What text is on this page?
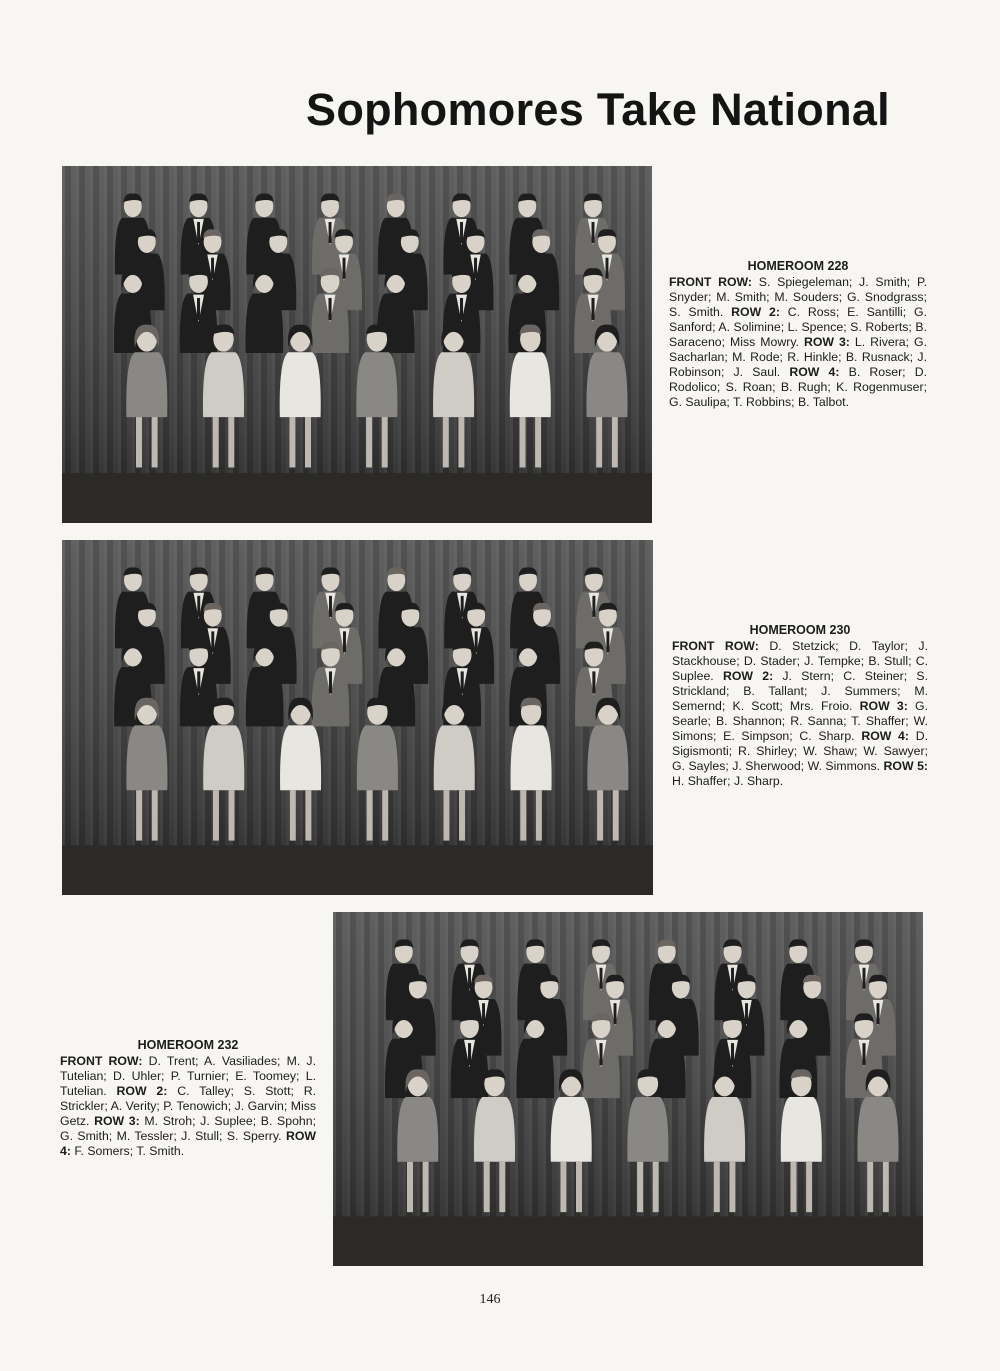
Sophomores Take National
HOMEROOM 228

FRONT ROW: S. Spiegeleman; J. Smith; P. Snyder; M. Smith; M. Souders; G. Snodgrass; S. Smith. ROW 2: C. Ross; E. Santilli; G. Sanford; A. Solimine; L. Spence; S. Roberts; B. Saraceno; Miss Mowry. ROW 3: L. Rivera; G. Sacharlan; M. Rode; R. Hinkle; B. Rusnack; J. Robinson; J. Saul. ROW 4: B. Roser; D. Rodolico; S. Roan; B. Rugh; K. Rogenmuser; G. Saulipa; T. Robbins; B. Talbot.

HOMEROOM 230

FRONT ROW: D. Stetzick; D. Taylor; J. Stackhouse; D. Stader; J. Tempke; B. Stull; C. Suplee. ROW 2: J. Stern; C. Steiner; S. Strickland; B. Tallant; J. Summers; M. Semernd; K. Scott; Mrs. Froio. ROW 3: G. Searle; B. Shannon; R. Sanna; T. Shaffer; W. Simons; E. Simpson; C. Sharp. ROW 4: D. Sigismonti; R. Shirley; W. Shaw; W. Sawyer; G. Sayles; J. Sherwood; W. Simmons. ROW 5: H. Shaffer; J. Sharp.

HOMEROOM 232

FRONT ROW: D. Trent; A. Vasiliades; M. J. Tutelian; D. Uhler; P. Turnier; E. Toomey; L. Tutelian. ROW 2: C. Talley; S. Stott; R. Strickler; A. Verity; P. Tenowich; J. Garvin; Miss Getz. ROW 3: M. Stroh; J. Suplee; B. Spohn; G. Smith; M. Tessler; J. Stull; S. Sperry. ROW 4: F. Somers; T. Smith.

146
